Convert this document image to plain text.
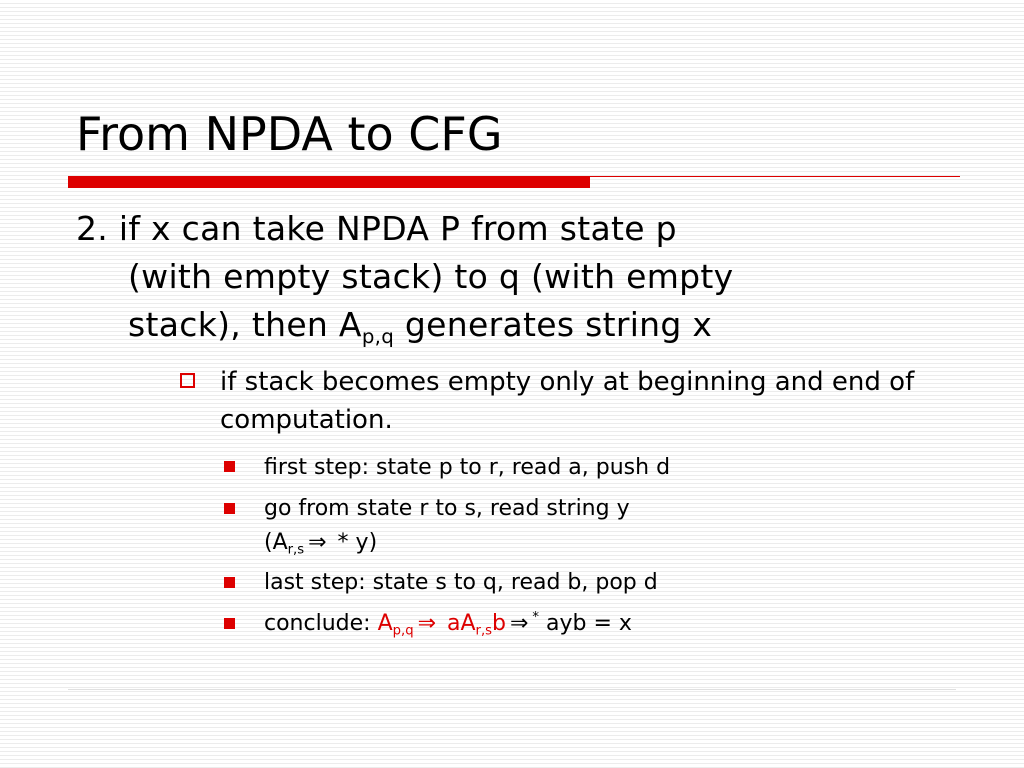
From NPDA to CFG
2. if x can take NPDA P from state p
(with empty stack) to q (with empty
stack), then $A_{p,q}$ generates string x
if stack becomes empty only at beginning and end of computation.
first step: state p to r, read a, push d
go from state r to s, read string y
($A_{r,s}$ ⇒ * y)
last step: state s to q, read b, pop d
conclude: $A_{p,q}$ ⇒ $aA_{r,s}b$ ⇒ * ayb = x
